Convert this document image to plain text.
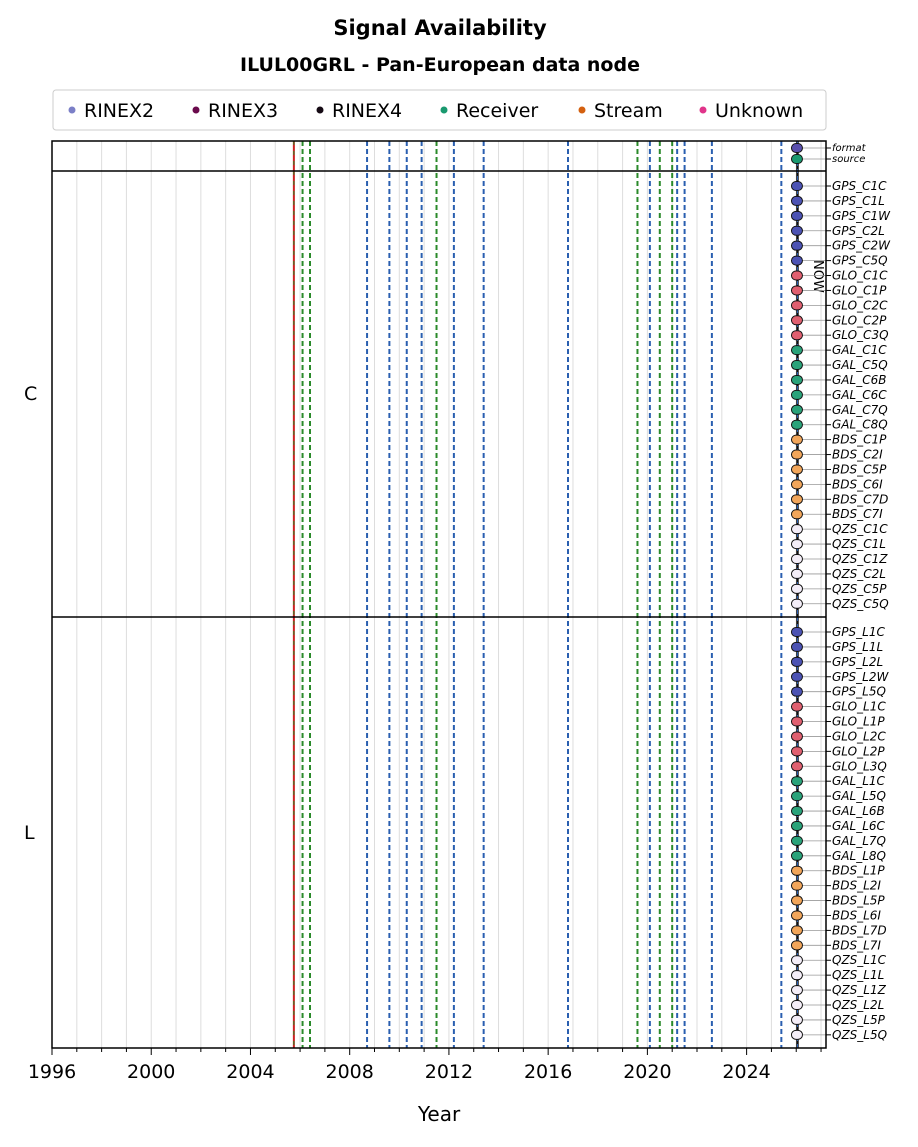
Signal Availability
ILUL00GRL - Pan-European data node
RINEX2	RINEX3	RINEX4	Receiver	Stream	Unknown
NOW
1996	2000	2004	2008	2012	2016	2020	2024
Year
format
source
GPS_C1C
GPS_C1L
GPS_C1W
GPS_C2L
GPS_C2W
GPS_C5Q
GLO_C1C
GLO_C1P
GLO_C2C
GLO_C2P
GLO_C3Q
GAL_C1C
GAL_C5Q
GAL_C6B
GAL_C6C
GAL_C7Q
GAL_C8Q
BDS_C1P
BDS_C2I
BDS_C5P
BDS_C6I
BDS_C7D
BDS_C7I
QZS_C1C
QZS_C1L
QZS_C1Z
QZS_C2L
QZS_C5P
QZS_C5Q
C
GPS_L1C
GPS_L1L
GPS_L2L
GPS_L2W
GPS_L5Q
GLO_L1C
GLO_L1P
GLO_L2C
GLO_L2P
GLO_L3Q
GAL_L1C
GAL_L5Q
GAL_L6B
GAL_L6C
GAL_L7Q
GAL_L8Q
BDS_L1P
BDS_L2I
BDS_L5P
BDS_L6I
BDS_L7D
BDS_L7I
QZS_L1C
QZS_L1L
QZS_L1Z
QZS_L2L
QZS_L5P
QZS_L5Q
L
